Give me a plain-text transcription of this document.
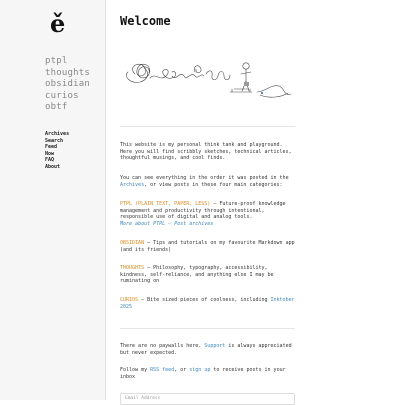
ě
ptpl
thoughts
obsidian
curios
obtf
Archives
Search
Feed
Now
FAQ
About
Welcome

This website is my personal think tank and playground. Here you will find scribbly sketches, technical articles, thoughtful musings, and cool finds.

You can see everything in the order it was posted in the Archives, or view posts in these four main categories:

PTPL (PLAIN TEXT, PAPER, LESS) – Future-proof knowledge management and productivity through intentional, responsible use of digital and analog tools.
More about PTPL – Post archives

OBSIDIAN – Tips and tutorials on my favourite Markdown app (and its friends)

THOUGHTS – Philosophy, typography, accessibility, kindness, self-reliance, and anything else I may be ruminating on

CURIOS – Bite sized pieces of coolness, including Inktober 2025

There are no paywalls here. Support is always appreciated but never expected.

Follow my RSS feed, or sign up to receive posts in your inbox

Email Address
